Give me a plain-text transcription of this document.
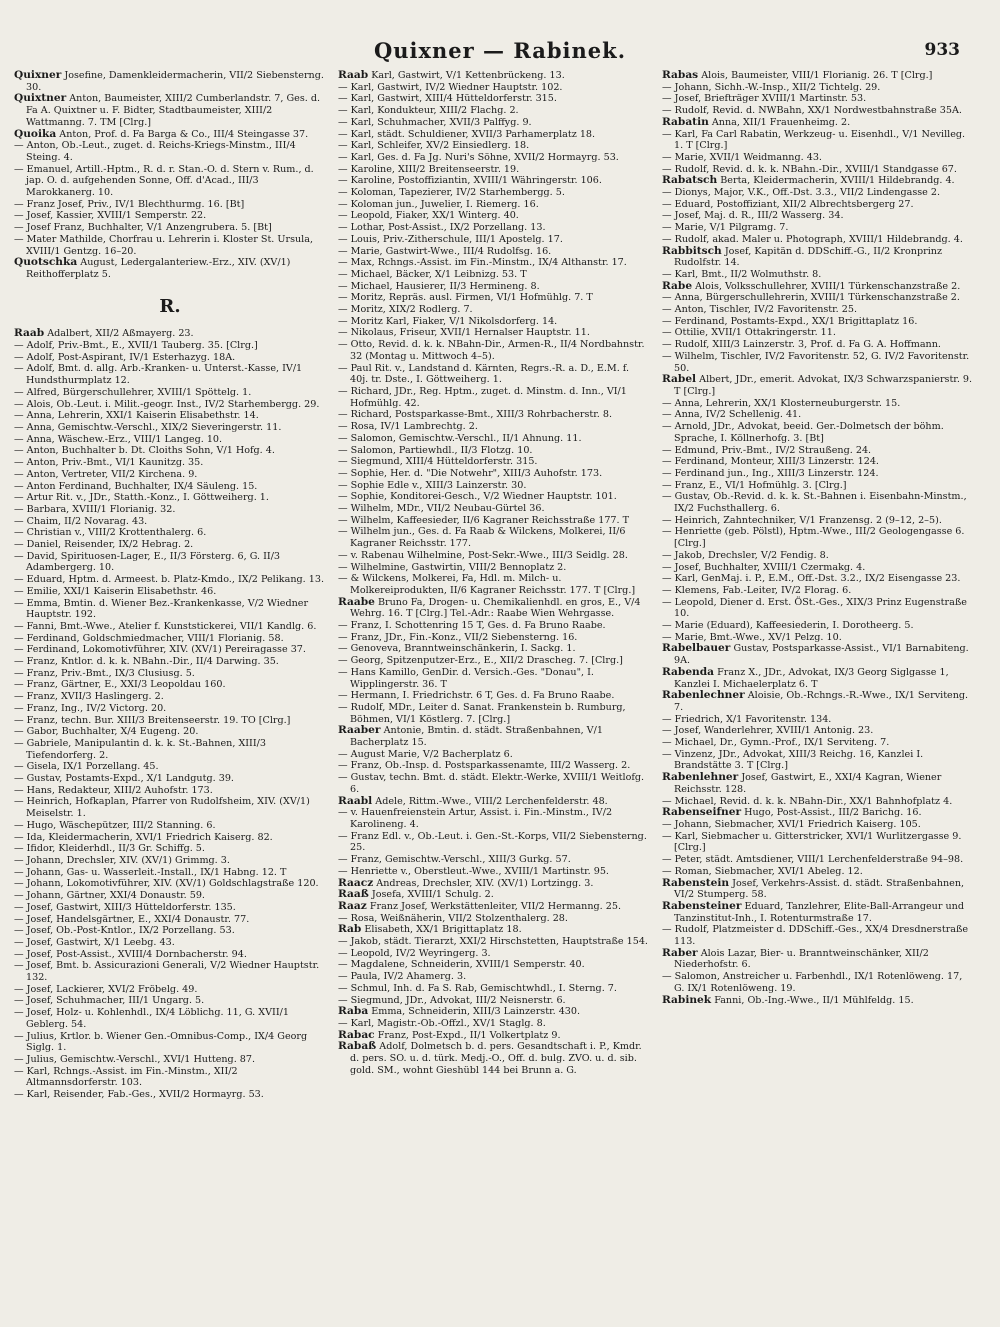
Quixner — Rabinek.	933

Quixner Josefine, Damenkleidermacherin, VII/2 Siebensterng. 30.

Quixtner Anton, Baumeister, XIII/2 Cumberlandstr. 7, Ges. d. Fa A. Quixtner u. F. Bidter, Stadtbaumeister, XIII/2 Wattmanng. 7. TM [Clrg.]

Quoika Anton, Prof. d. Fa Barga & Co., III/4 Steingasse 37.

— Anton, Ob.-Leut., zuget. d. Reichs-Kriegs-Minstm., III/4 Steing. 4.

— Emanuel, Artill.-Hptm., R. d. r. Stan.-O. d. Stern v. Rum., d. jap. O. d. aufgehenden Sonne, Off. d'Acad., III/3 Marokkanerg. 10.

— Franz Josef, Priv., IV/1 Blechthurmg. 16. [Bt]

— Josef, Kassier, XVIII/1 Semperstr. 22.

— Josef Franz, Buchhalter, V/1 Anzengrubera. 5. [Bt]

— Mater Mathilde, Chorfrau u. Lehrerin i. Kloster St. Ursula, XVIII/1 Gentzg. 16–20.

Quotschka August, Ledergalanteriew.-Erz., XIV. (XV/1) Reithofferplatz 5.

R.

Raab Adalbert, XII/2 Aßmayerg. 23.

— Adolf, Priv.-Bmt., E., XVII/1 Tauberg. 35. [Clrg.]

— Adolf, Post-Aspirant, IV/1 Esterhazyg. 18A.

— Adolf, Bmt. d. allg. Arb.-Kranken- u. Unterst.-Kasse, IV/1 Hundsthurmplatz 12.

— Alfred, Bürgerschullehrer, XVIII/1 Spöttelg. 1.

— Alois, Ob.-Leut. i. Milit.-geogr. Inst., IV/2 Starhembergg. 29.

— Anna, Lehrerin, XXI/1 Kaiserin Elisabethstr. 14.

— Anna, Gemischtw.-Verschl., XIX/2 Sieveringerstr. 11.

— Anna, Wäschew.-Erz., VIII/1 Langeg. 10.

— Anton, Buchhalter b. Dt. Cloiths Sohn, V/1 Hofg. 4.

— Anton, Priv.-Bmt., VI/1 Kaunitzg. 35.

— Anton, Vertreter, VII/2 Kirchena. 9.

— Anton Ferdinand, Buchhalter, IX/4 Säuleng. 15.

— Artur Rit. v., JDr., Statth.-Konz., I. Göttweiherg. 1.

— Barbara, XVIII/1 Florianig. 32.

— Chaim, II/2 Novarag. 43.

— Christian v., VIII/2 Krottenthalerg. 6.

— Daniel, Reisender, IX/2 Hebrag. 2.

— David, Spirituosen-Lager, E., II/3 Försterg. 6, G. II/3 Adambergerg. 10.

— Eduard, Hptm. d. Armeest. b. Platz-Kmdo., IX/2 Pelikang. 13.

— Emilie, XXI/1 Kaiserin Elisabethstr. 46.

— Emma, Bmtin. d. Wiener Bez.-Krankenkasse, V/2 Wiedner Hauptstr. 192.

— Fanni, Bmt.-Wwe., Atelier f. Kunststickerei, VII/1 Kandlg. 6.

— Ferdinand, Goldschmiedmacher, VIII/1 Florianig. 58.

— Ferdinand, Lokomotivführer, XIV. (XV/1) Pereiragasse 37.

— Franz, Kntlor. d. k. k. NBahn.-Dir., II/4 Darwing. 35.

— Franz, Priv.-Bmt., IX/3 Clusiusg. 5.

— Franz, Gärtner, E., XXI/3 Leopoldau 160.

— Franz, XVII/3 Haslingerg. 2.

— Franz, Ing., IV/2 Victorg. 20.

— Franz, techn. Bur. XIII/3 Breitenseerstr. 19. TO [Clrg.]

— Gabor, Buchhalter, X/4 Eugeng. 20.

— Gabriele, Manipulantin d. k. k. St.-Bahnen, XIII/3 Tiefendorferg. 2.

— Gisela, IX/1 Porzellang. 45.

— Gustav, Postamts-Expd., X/1 Landgutg. 39.

— Hans, Redakteur, XIII/2 Auhofstr. 173.

— Heinrich, Hofkaplan, Pfarrer von Rudolfsheim, XIV. (XV/1) Meiselstr. 1.

— Hugo, Wäschepützer, III/2 Stanning. 6.

— Ida, Kleidermacherin, XVI/1 Friedrich Kaiserg. 82.

— Ifidor, Kleiderhdl., II/3 Gr. Schiffg. 5.

— Johann, Drechsler, XIV. (XV/1) Grimmg. 3.

— Johann, Gas- u. Wasserleit.-Install., IX/1 Habng. 12. T

— Johann, Lokomotivführer, XIV. (XV/1) Goldschlagstraße 120.

— Johann, Gärtner, XXI/4 Donaustr. 59.

— Josef, Gastwirt, XIII/3 Hütteldorferstr. 135.

— Josef, Handelsgärtner, E., XXI/4 Donaustr. 77.

— Josef, Ob.-Post-Kntlor., IX/2 Porzellang. 53.

— Josef, Gastwirt, X/1 Leebg. 43.

— Josef, Post-Assist., XVIII/4 Dornbacherstr. 94.

— Josef, Bmt. b. Assicurazioni Generali, V/2 Wiedner Hauptstr. 132.

— Josef, Lackierer, XVI/2 Fröbelg. 49.

— Josef, Schuhmacher, III/1 Ungarg. 5.

— Josef, Holz- u. Kohlenhdl., IX/4 Löblichg. 11, G. XVII/1 Geblerg. 54.

— Julius, Krtlor. b. Wiener Gen.-Omnibus-Comp., IX/4 Georg Siglg. 1.

— Julius, Gemischtw.-Verschl., XVI/1 Hutteng. 87.

— Karl, Rchngs.-Assist. im Fin.-Minstm., XII/2 Altmannsdorferstr. 103.

— Karl, Reisender, Fab.-Ges., XVII/2 Hormayrg. 53.

Raab Karl, Gastwirt, V/1 Kettenbrückeng. 13.

— Karl, Gastwirt, IV/2 Wiedner Hauptstr. 102.

— Karl, Gastwirt, XIII/4 Hütteldorferstr. 315.

— Karl, Kondukteur, XIII/2 Flachg. 2.

— Karl, Schuhmacher, XVII/3 Palffyg. 9.

— Karl, städt. Schuldiener, XVII/3 Parhamerplatz 18.

— Karl, Schleifer, XV/2 Einsiedlerg. 18.

— Karl, Ges. d. Fa Jg. Nuri's Söhne, XVII/2 Hormayrg. 53.

— Karoline, XIII/2 Breitenseerstr. 19.

— Karoline, Postoffiziantin, XVIII/1 Währingerstr. 106.

— Koloman, Tapezierer, IV/2 Starhembergg. 5.

— Koloman jun., Juwelier, I. Riemerg. 16.

— Leopold, Fiaker, XX/1 Winterg. 40.

— Lothar, Post-Assist., IX/2 Porzellang. 13.

— Louis, Priv.-Zitherschule, III/1 Apostelg. 17.

— Marie, Gastwirt-Wwe., III/4 Rudolfsg. 16.

— Max, Rchngs.-Assist. im Fin.-Minstm., IX/4 Althanstr. 17.

— Michael, Bäcker, X/1 Leibnizg. 53. T

— Michael, Hausierer, II/3 Hermineng. 8.

— Moritz, Repräs. ausl. Firmen, VI/1 Hofmühlg. 7. T

— Moritz, XIX/2 Rodlerg. 7.

— Moritz Karl, Fiaker, V/1 Nikolsdorferg. 14.

— Nikolaus, Friseur, XVII/1 Hernalser Hauptstr. 11.

— Otto, Revid. d. k. k. NBahn-Dir., Armen-R., II/4 Nordbahnstr. 32 (Montag u. Mittwoch 4–5).

— Paul Rit. v., Landstand d. Kärnten, Regrs.-R. a. D., E.M. f. 40j. tr. Dste., I. Göttweiherg. 1.

— Richard, JDr., Reg. Hptm., zuget. d. Minstm. d. Inn., VI/1 Hofmühlg. 42.

— Richard, Postsparkasse-Bmt., XIII/3 Rohrbacherstr. 8.

— Rosa, IV/1 Lambrechtg. 2.

— Salomon, Gemischtw.-Verschl., II/1 Ahnung. 11.

— Salomon, Partiewhdl., II/3 Flotzg. 10.

— Siegmund, XIII/4 Hütteldorferstr. 315.

— Sophie, Her. d. "Die Notwehr", XIII/3 Auhofstr. 173.

— Sophie Edle v., XIII/3 Lainzerstr. 30.

— Sophie, Konditorei-Gesch., V/2 Wiedner Hauptstr. 101.

— Wilhelm, MDr., VII/2 Neubau-Gürtel 36.

— Wilhelm, Kaffeesieder, II/6 Kagraner Reichsstraße 177. T

— Wilhelm jun., Ges. d. Fa Raab & Wilckens, Molkerei, II/6 Kagraner Reichsstr. 177.

— v. Rabenau Wilhelmine, Post-Sekr.-Wwe., III/3 Seidlg. 28.

— Wilhelmine, Gastwirtin, VIII/2 Bennoplatz 2.

— & Wilckens, Molkerei, Fa, Hdl. m. Milch- u. Molkereiprodukten, II/6 Kagraner Reichsstr. 177. T [Clrg.]

Raabe Bruno Fa, Drogen- u. Chemikalienhdl. en gros, E., V/4 Wehrg. 16. T [Clrg.] Tel.-Adr.: Raabe Wien Wehrgasse.

— Franz, I. Schottenring 15 T, Ges. d. Fa Bruno Raabe.

— Franz, JDr., Fin.-Konz., VII/2 Siebensterng. 16.

— Genoveva, Branntweinschänkerin, I. Sackg. 1.

— Georg, Spitzenputzer-Erz., E., XII/2 Drascheg. 7. [Clrg.]

— Hans Kamillo, GenDir. d. Versich.-Ges. "Donau", I. Wipplingerstr. 36. T

— Hermann, I. Friedrichstr. 6 T, Ges. d. Fa Bruno Raabe.

— Rudolf, MDr., Leiter d. Sanat. Frankenstein b. Rumburg, Böhmen, VI/1 Köstlerg. 7. [Clrg.]

Raaber Antonie, Bmtin. d. städt. Straßenbahnen, V/1 Bacherplatz 15.

— August Marie, V/2 Bacherplatz 6.

— Franz, Ob.-Insp. d. Postsparkassenamte, III/2 Wasserg. 2.

— Gustav, techn. Bmt. d. städt. Elektr.-Werke, XVIII/1 Weitlofg. 6.

Raabl Adele, Rittm.-Wwe., VIII/2 Lerchenfelderstr. 48.

— v. Hauenfreienstein Artur, Assist. i. Fin.-Minstm., IV/2 Karolineng. 4.

— Franz Edl. v., Ob.-Leut. i. Gen.-St.-Korps, VII/2 Siebensterng. 25.

— Franz, Gemischtw.-Verschl., XIII/3 Gurkg. 57.

— Henriette v., Oberstleut.-Wwe., XVIII/1 Martinstr. 95.

Raacz Andreas, Drechsler, XIV. (XV/1) Lortzingg. 3.

Raaß Josefa, XVIII/1 Schulg. 2.

Raaz Franz Josef, Werkstättenleiter, VII/2 Hermanng. 25.

— Rosa, Weißnäherin, VII/2 Stolzenthalerg. 28.

Rab Elisabeth, XX/1 Brigittaplatz 18.

— Jakob, städt. Tierarzt, XXI/2 Hirschstetten, Hauptstraße 154.

— Leopold, IV/2 Weyringerg. 3.

— Magdalene, Schneiderin, XVIII/1 Semperstr. 40.

— Paula, IV/2 Ahamerg. 3.

— Schmul, Inh. d. Fa S. Rab, Gemischtwhdl., I. Sterng. 7.

— Siegmund, JDr., Advokat, III/2 Neisnerstr. 6.

Raba Emma, Schneiderin, XIII/3 Lainzerstr. 430.

— Karl, Magistr.-Ob.-Offzl., XV/1 Staglg. 8.

Rabac Franz, Post-Expd., II/1 Volkertplatz 9.

Rabaß Adolf, Dolmetsch b. d. pers. Gesandtschaft i. P., Kmdr. d. pers. SO. u. d. türk. Medj.-O., Off. d. bulg. ZVO. u. d. sib. gold. SM., wohnt Gieshübl 144 bei Brunn a. G.

Rabas Alois, Baumeister, VIII/1 Florianig. 26. T [Clrg.]

— Johann, Sichh.-W.-Insp., XII/2 Tichtelg. 29.

— Josef, Briefträger XVIII/1 Martinstr. 53.

— Rudolf, Revid. d. NWBahn, XX/1 Nordwestbahnstraße 35A.

Rabatin Anna, XII/1 Frauenheimg. 2.

— Karl, Fa Carl Rabatin, Werkzeug- u. Eisenhdl., V/1 Nevilleg. 1. T [Clrg.]

— Marie, XVII/1 Weidmanng. 43.

— Rudolf, Revid. d. k. k. NBahn.-Dir., XVIII/1 Standgasse 67.

Rabatsch Berta, Kleidermacherin, XVIII/1 Hildebrandg. 4.

— Dionys, Major, V.K., Off.-Dst. 3.3., VII/2 Lindengasse 2.

— Eduard, Postoffiziant, XII/2 Albrechtsbergerg 27.

— Josef, Maj. d. R., III/2 Wasserg. 34.

— Marie, V/1 Pilgramg. 7.

— Rudolf, akad. Maler u. Photograph, XVIII/1 Hildebrandg. 4.

Rabbitsch Josef, Kapitän d. DDSchiff.-G., II/2 Kronprinz Rudolfstr. 14.

— Karl, Bmt., II/2 Wolmuthstr. 8.

Rabe Alois, Volksschullehrer, XVIII/1 Türkenschanzstraße 2.

— Anna, Bürgerschullehrerin, XVIII/1 Türkenschanzstraße 2.

— Anton, Tischler, IV/2 Favoritenstr. 25.

— Ferdinand, Postamts-Expd., XX/1 Brigittaplatz 16.

— Ottilie, XVII/1 Ottakringerstr. 11.

— Rudolf, XIII/3 Lainzerstr. 3, Prof. d. Fa G. A. Hoffmann.

— Wilhelm, Tischler, IV/2 Favoritenstr. 52, G. IV/2 Favoritenstr. 50.

Rabel Albert, JDr., emerit. Advokat, IX/3 Schwarzspanierstr. 9. T [Clrg.]

— Anna, Lehrerin, XX/1 Klosterneuburgerstr. 15.

— Anna, IV/2 Schellenig. 41.

— Arnold, JDr., Advokat, beeid. Ger.-Dolmetsch der böhm. Sprache, I. Köllnerhofg. 3. [Bt]

— Edmund, Priv.-Bmt., IV/2 Straußeng. 24.

— Ferdinand, Monteur, XIII/3 Linzerstr. 124.

— Ferdinand jun., Ing., XIII/3 Linzerstr. 124.

— Franz, E., VI/1 Hofmühlg. 3. [Clrg.]

— Gustav, Ob.-Revid. d. k. k. St.-Bahnen i. Eisenbahn-Minstm., IX/2 Fuchsthallerg. 6.

— Heinrich, Zahntechniker, V/1 Franzensg. 2 (9–12, 2–5).

— Henriette (geb. Pölstl), Hptm.-Wwe., III/2 Geologengasse 6. [Clrg.]

— Jakob, Drechsler, V/2 Fendig. 8.

— Josef, Buchhalter, XVIII/1 Czermakg. 4.

— Karl, GenMaj. i. P., E.M., Off.-Dst. 3.2., IX/2 Eisengasse 23.

— Klemens, Fab.-Leiter, IV/2 Florag. 6.

— Leopold, Diener d. Erst. ÖSt.-Ges., XIX/3 Prinz Eugenstraße 10.

— Marie (Eduard), Kaffeesiederin, I. Dorotheerg. 5.

— Marie, Bmt.-Wwe., XV/1 Pelzg. 10.

Rabelbauer Gustav, Postsparkasse-Assist., VI/1 Barnabiteng. 9A.

Rabenda Franz X., JDr., Advokat, IX/3 Georg Siglgasse 1, Kanzlei I. Michaelerplatz 6. T

Rabenlechner Aloisie, Ob.-Rchngs.-R.-Wwe., IX/1 Serviteng. 7.

— Friedrich, X/1 Favoritenstr. 134.

— Josef, Wanderlehrer, XVIII/1 Antonig. 23.

— Michael, Dr., Gymn.-Prof., IX/1 Serviteng. 7.

— Vinzenz, JDr., Advokat, XIII/3 Reichg. 16, Kanzlei I. Brandstätte 3. T [Clrg.]

Rabenlehner Josef, Gastwirt, E., XXI/4 Kagran, Wiener Reichsstr. 128.

— Michael, Revid. d. k. k. NBahn-Dir., XX/1 Bahnhofplatz 4.

Rabenseifner Hugo, Post-Assist., III/2 Barichg. 16.

— Johann, Siebmacher, XVI/1 Friedrich Kaiserg. 105.

— Karl, Siebmacher u. Gitterstricker, XVI/1 Wurlitzergasse 9. [Clrg.]

— Peter, städt. Amtsdiener, VIII/1 Lerchenfelderstraße 94–98.

— Roman, Siebmacher, XVI/1 Abeleg. 12.

Rabenstein Josef, Verkehrs-Assist. d. städt. Straßenbahnen, VI/2 Stumperg. 58.

Rabensteiner Eduard, Tanzlehrer, Elite-Ball-Arrangeur und Tanzinstitut-Inh., I. Rotenturmstraße 17.

— Rudolf, Platzmeister d. DDSchiff.-Ges., XX/4 Dresdnerstraße 113.

Raber Alois Lazar, Bier- u. Branntweinschänker, XII/2 Niederhofstr. 6.

— Salomon, Anstreicher u. Farbenhdl., IX/1 Rotenlöweng. 17, G. IX/1 Rotenlöweng. 19.

Rabinek Fanni, Ob.-Ing.-Wwe., II/1 Mühlfeldg. 15.
